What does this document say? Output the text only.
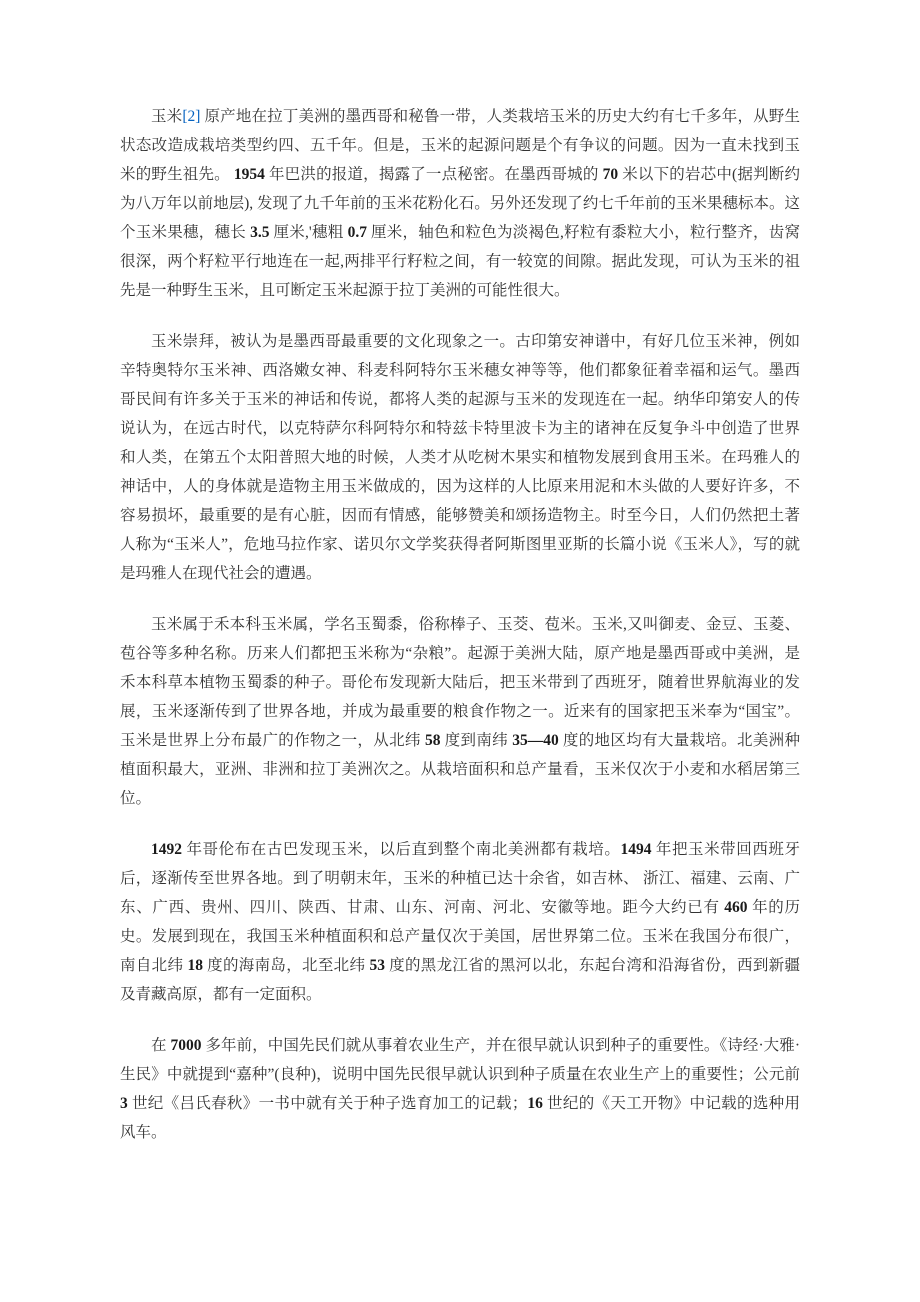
玉米[2] 原产地在拉丁美洲的墨西哥和秘鲁一带，人类栽培玉米的历史大约有七千多年，从野生状态改造成栽培类型约四、五千年。但是，玉米的起源问题是个有争议的问题。因为一直未找到玉米的野生祖先。 1954 年巴洪的报道，揭露了一点秘密。在墨西哥城的 70 米以下的岩芯中(据判断约为八万年以前地层), 发现了九千年前的玉米花粉化石。另外还发现了约七千年前的玉米果穗标本。这个玉米果穗，穗长 3.5 厘米,'穗粗 0.7 厘米，轴色和粒色为淡褐色,籽粒有黍粒大小，粒行整齐，齿窝很深，两个籽粒平行地连在一起,两排平行籽粒之间，有一较宽的间隙。据此发现，可认为玉米的祖先是一种野生玉米，且可断定玉米起源于拉丁美洲的可能性很大。

玉米崇拜，被认为是墨西哥最重要的文化现象之一。古印第安神谱中，有好几位玉米神，例如辛特奥特尔玉米神、西洛嫩女神、科麦科阿特尔玉米穗女神等等，他们都象征着幸福和运气。墨西哥民间有许多关于玉米的神话和传说，都将人类的起源与玉米的发现连在一起。纳华印第安人的传说认为，在远古时代，以克特萨尔科阿特尔和特兹卡特里波卡为主的诸神在反复争斗中创造了世界和人类，在第五个太阳普照大地的时候，人类才从吃树木果实和植物发展到食用玉米。在玛雅人的神话中，人的身体就是造物主用玉米做成的，因为这样的人比原来用泥和木头做的人要好许多，不容易损坏，最重要的是有心脏，因而有情感，能够赞美和颂扬造物主。时至今日，人们仍然把土著人称为“玉米人”，危地马拉作家、诺贝尔文学奖获得者阿斯图里亚斯的长篇小说《玉米人》，写的就是玛雅人在现代社会的遭遇。

玉米属于禾本科玉米属，学名玉蜀黍，俗称棒子、玉茭、苞米。玉米,又叫御麦、金豆、玉菱、苞谷等多种名称。历来人们都把玉米称为“杂粮”。起源于美洲大陆，原产地是墨西哥或中美洲，是禾本科草本植物玉蜀黍的种子。哥伦布发现新大陆后，把玉米带到了西班牙，随着世界航海业的发展，玉米逐渐传到了世界各地，并成为最重要的粮食作物之一。近来有的国家把玉米奉为“国宝”。玉米是世界上分布最广的作物之一，从北纬 58 度到南纬 35—40 度的地区均有大量栽培。北美洲种植面积最大，亚洲、非洲和拉丁美洲次之。从栽培面积和总产量看，玉米仅次于小麦和水稻居第三位。

1492 年哥伦布在古巴发现玉米，以后直到整个南北美洲都有栽培。1494 年把玉米带回西班牙后，逐渐传至世界各地。到了明朝末年，玉米的种植已达十余省，如吉林、 浙江、福建、云南、广东、广西、贵州、四川、陕西、甘肃、山东、河南、河北、安徽等地。距今大约已有 460 年的历史。发展到现在，我国玉米种植面积和总产量仅次于美国，居世界第二位。玉米在我国分布很广，南自北纬 18 度的海南岛，北至北纬 53 度的黑龙江省的黑河以北，东起台湾和沿海省份，西到新疆及青藏高原，都有一定面积。

在 7000 多年前，中国先民们就从事着农业生产，并在很早就认识到种子的重要性。《诗经·大雅·生民》中就提到“嘉种”(良种)，说明中国先民很早就认识到种子质量在农业生产上的重要性；公元前 3 世纪《吕氏春秋》一书中就有关于种子选育加工的记载；16 世纪的《天工开物》中记载的选种用风车。
